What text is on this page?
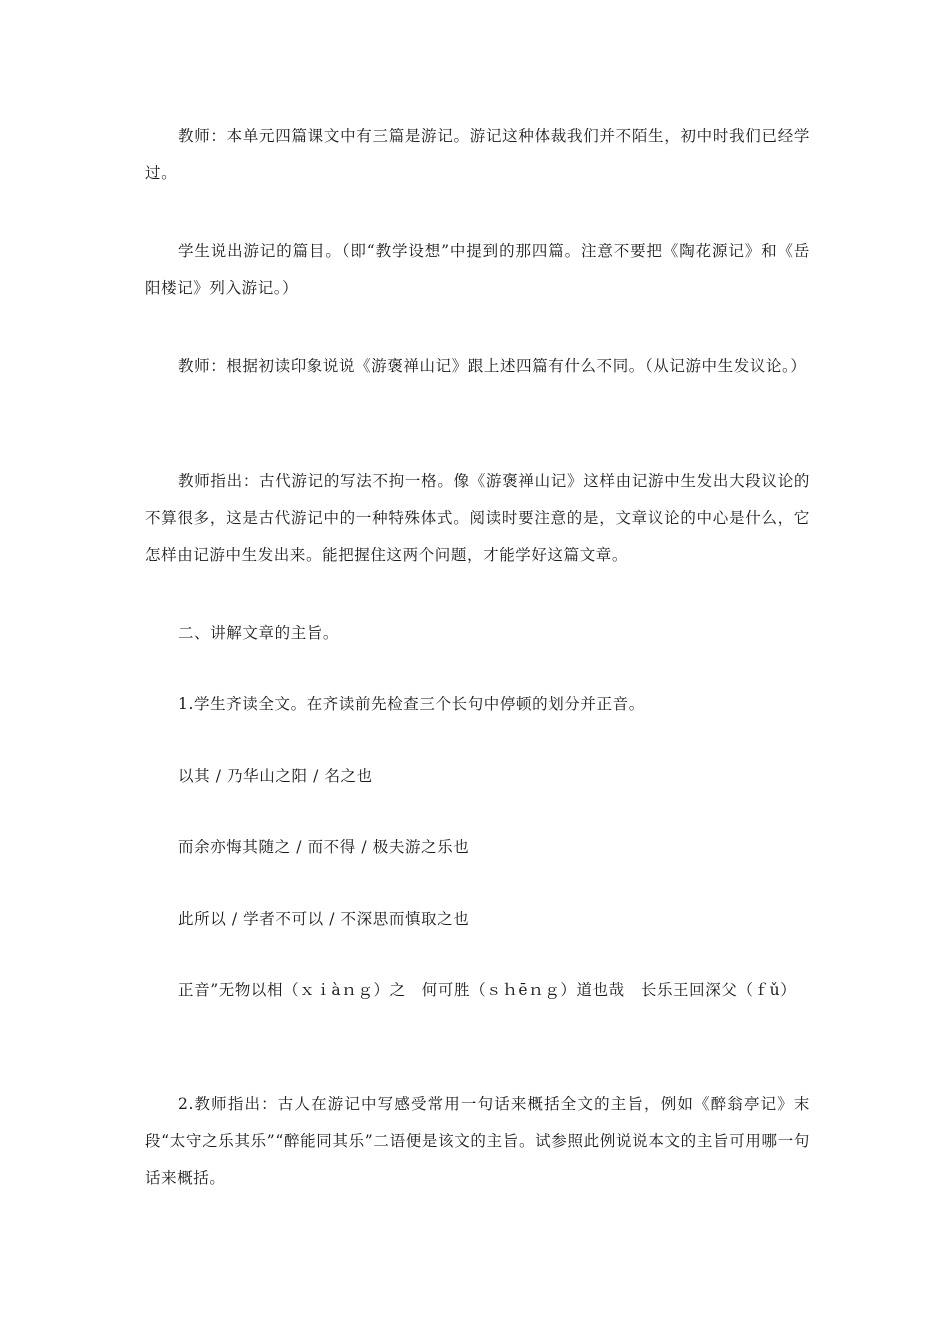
教师：本单元四篇课文中有三篇是游记。游记这种体裁我们并不陌生，初中时我们已经学过。

学生说出游记的篇目。（即“教学设想”中提到的那四篇。注意不要把《陶花源记》和《岳阳楼记》列入游记。）

教师：根据初读印象说说《游褒禅山记》跟上述四篇有什么不同。（从记游中生发议论。）

教师指出：古代游记的写法不拘一格。像《游褒禅山记》这样由记游中生发出大段议论的不算很多，这是古代游记中的一种特殊体式。阅读时要注意的是，文章议论的中心是什么，它怎样由记游中生发出来。能把握住这两个问题，才能学好这篇文章。

二、讲解文章的主旨。

1.学生齐读全文。在齐读前先检查三个长句中停顿的划分并正音。

以其 / 乃华山之阳 / 名之也

而余亦悔其随之 / 而不得 / 极夫游之乐也

此所以 / 学者不可以 / 不深思而慎取之也

正音”无物以相（ｘｉàｎｇ）之　何可胜（ｓｈēｎｇ）道也哉　长乐王回深父（ｆǔ）

2.教师指出：古人在游记中写感受常用一句话来概括全文的主旨，例如《醉翁亭记》末段“太守之乐其乐”“醉能同其乐”二语便是该文的主旨。试参照此例说说本文的主旨可用哪一句话来概括。
